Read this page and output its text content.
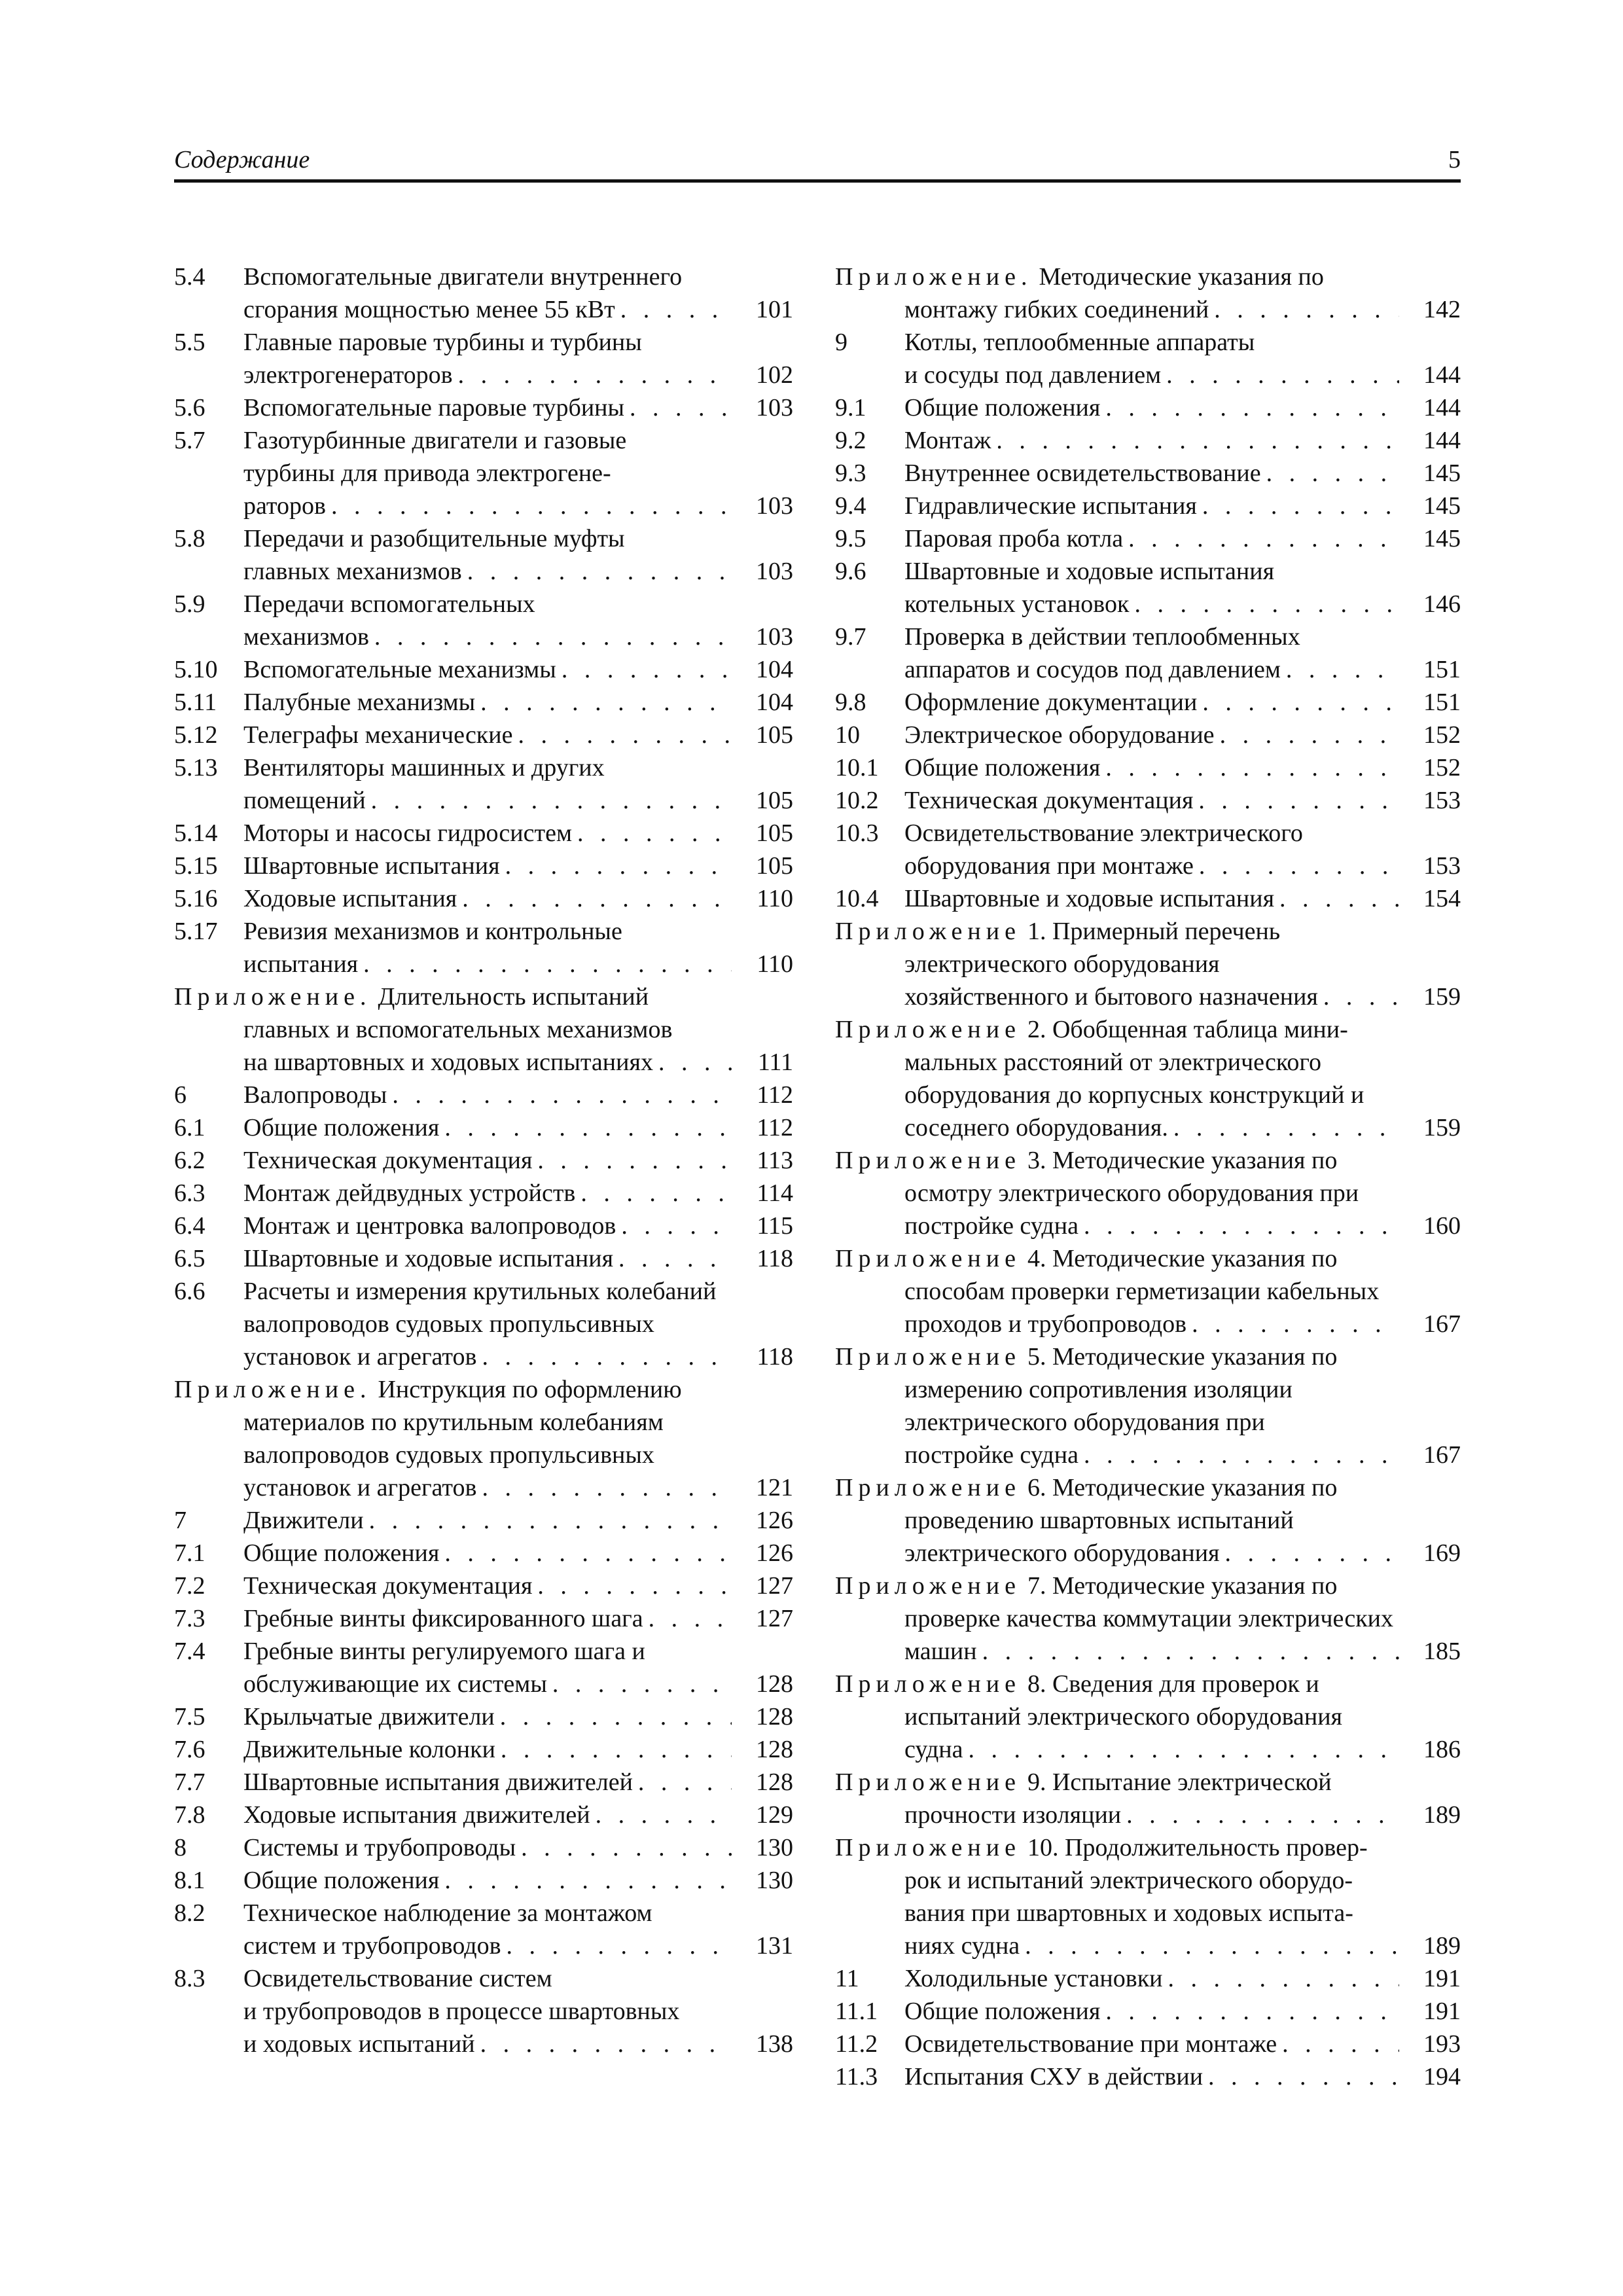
Содержание	5
5.4	Вспомогательные двигатели внутреннего
сгорания мощностью менее 55 кВт . . .	101
5.5	Главные паровые турбины и турбины
электрогенераторов . . .	102
5.6	Вспомогательные паровые турбины . . .	103
5.7	Газотурбинные двигатели и газовые
турбины для привода электрогене-
раторов . . .	103
5.8	Передачи и разобщительные муфты
главных механизмов . . .	103
5.9	Передачи вспомогательных
механизмов . . .	103
5.10	Вспомогательные механизмы . . .	104
5.11	Палубные механизмы . . .	104
5.12	Телеграфы механические . . .	105
5.13	Вентиляторы машинных и других
помещений . . .	105
5.14	Моторы и насосы гидросистем . . .	105
5.15	Швартовные испытания . . .	105
5.16	Ходовые испытания . . .	110
5.17	Ревизия механизмов и контрольные
испытания . . .	110
Приложение. Длительность испытаний
главных и вспомогательных механизмов
на швартовных и ходовых испытаниях . . .	111
6	Валопроводы . . .	112
6.1	Общие положения . . .	112
6.2	Техническая документация . . .	113
6.3	Монтаж дейдвудных устройств . . .	114
6.4	Монтаж и центровка валопроводов . . .	115
6.5	Швартовные и ходовые испытания . . .	118
6.6	Расчеты и измерения крутильных колебаний
валопроводов судовых пропульсивных
установок и агрегатов . . .	118
Приложение. Инструкция по оформлению
материалов по крутильным колебаниям
валопроводов судовых пропульсивных
установок и агрегатов . . .	121
7	Движители . . .	126
7.1	Общие положения . . .	126
7.2	Техническая документация . . .	127
7.3	Гребные винты фиксированного шага . . .	127
7.4	Гребные винты регулируемого шага и
обслуживающие их системы . . .	128
7.5	Крыльчатые движители . . .	128
7.6	Движительные колонки . . .	128
7.7	Швартовные испытания движителей . . .	128
7.8	Ходовые испытания движителей . . .	129
8	Системы и трубопроводы . . .	130
8.1	Общие положения . . .	130
8.2	Техническое наблюдение за монтажом
систем и трубопроводов . . .	131
8.3	Освидетельствование систем
и трубопроводов в процессе швартовных
и ходовых испытаний . . .	138
Приложение. Методические указания по
монтажу гибких соединений . . .	142
9	Котлы, теплообменные аппараты
и сосуды под давлением . . .	144
9.1	Общие положения . . .	144
9.2	Монтаж . . .	144
9.3	Внутреннее освидетельствование . . .	145
9.4	Гидравлические испытания . . .	145
9.5	Паровая проба котла . . .	145
9.6	Швартовные и ходовые испытания
котельных установок . . .	146
9.7	Проверка в действии теплообменных
аппаратов и сосудов под давлением . . .	151
9.8	Оформление документации . . .	151
10	Электрическое оборудование . . .	152
10.1	Общие положения . . .	152
10.2	Техническая документация . . .	153
10.3	Освидетельствование электрического
оборудования при монтаже . . .	153
10.4	Швартовные и ходовые испытания . . .	154
Приложение 1. Примерный перечень
электрического оборудования
хозяйственного и бытового назначения . . .	159
Приложение 2. Обобщенная таблица мини-
мальных расстояний от электрического
оборудования до корпусных конструкций и
соседнего оборудования. . . .	159
Приложение 3. Методические указания по
осмотру электрического оборудования при
постройке судна . . .	160
Приложение 4. Методические указания по
способам проверки герметизации кабельных
проходов и трубопроводов . . .	167
Приложение 5. Методические указания по
измерению сопротивления изоляции
электрического оборудования при
постройке судна . . .	167
Приложение 6. Методические указания по
проведению швартовных испытаний
электрического оборудования . . .	169
Приложение 7. Методические указания по
проверке качества коммутации электрических
машин . . .	185
Приложение 8. Сведения для проверок и
испытаний электрического оборудования
судна . . .	186
Приложение 9. Испытание электрической
прочности изоляции . . .	189
Приложение 10. Продолжительность провер-
рок и испытаний электрического оборудо-
вания при швартовных и ходовых испыта-
ниях судна . . .	189
11	Холодильные установки . . .	191
11.1	Общие положения . . .	191
11.2	Освидетельствование при монтаже . . .	193
11.3	Испытания СХУ в действии . . .	194
